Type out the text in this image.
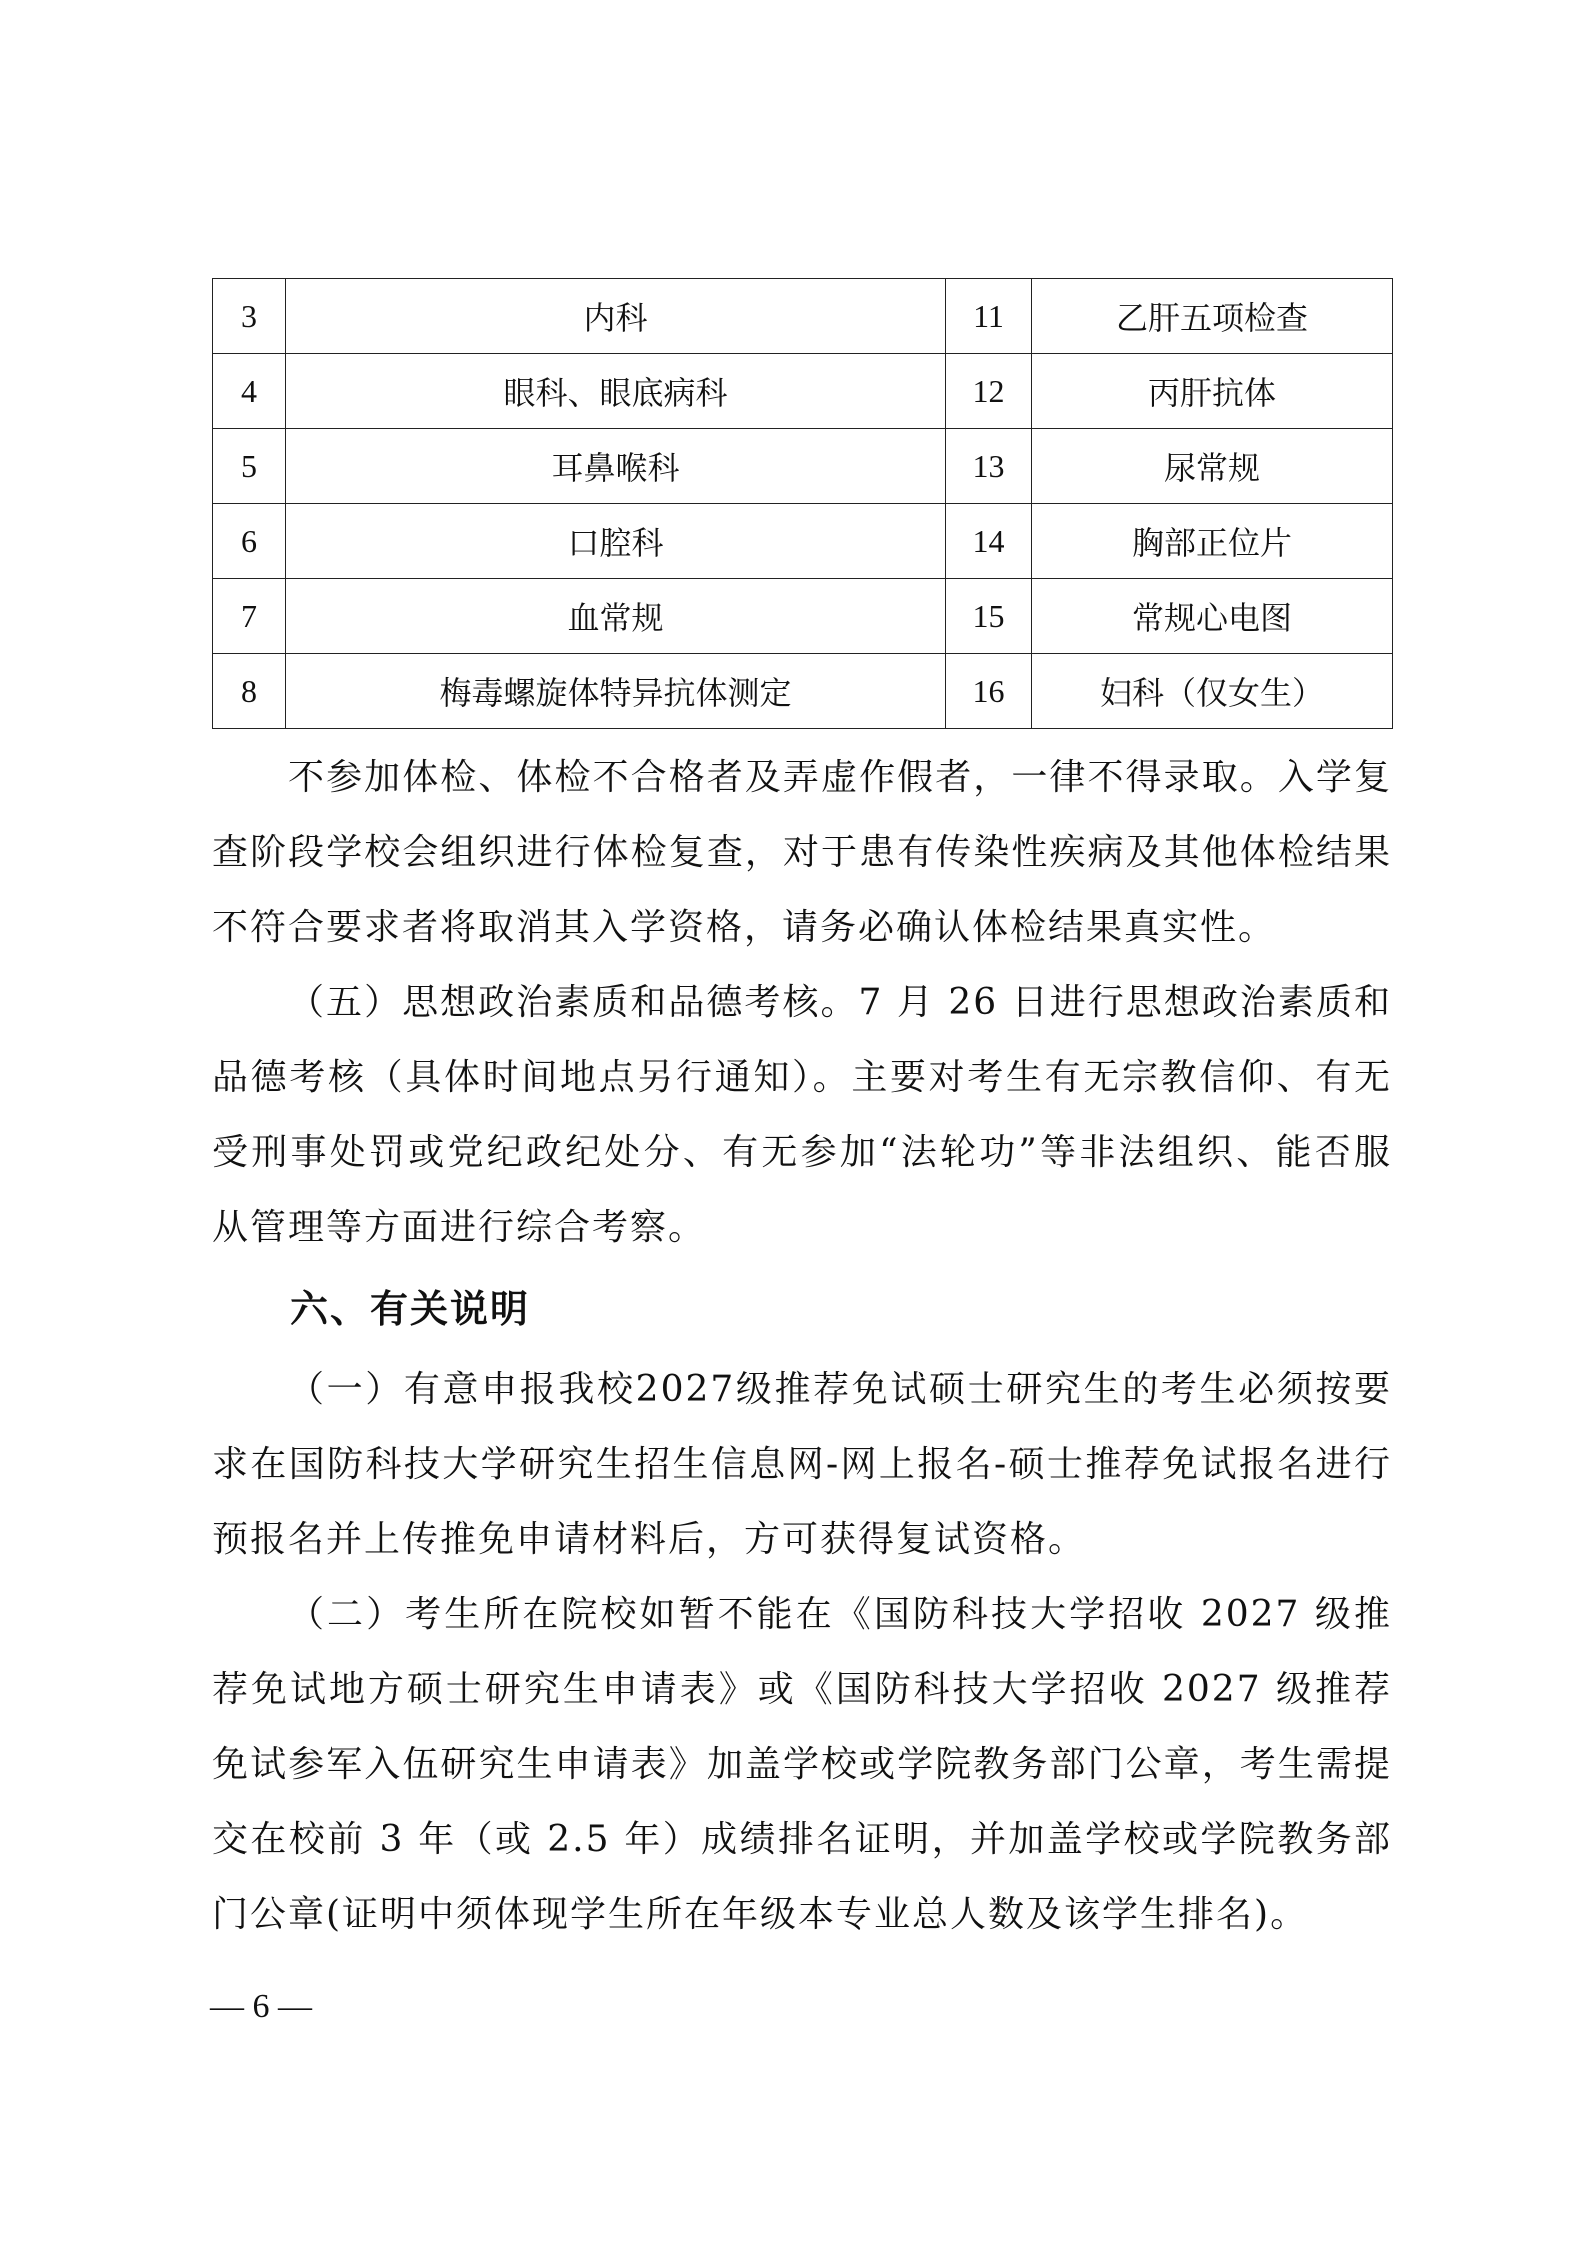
3	内科	11	乙肝五项检查
4	眼科、眼底病科	12	丙肝抗体
5	耳鼻喉科	13	尿常规
6	口腔科	14	胸部正位片
7	血常规	15	常规心电图
8	梅毒螺旋体特异抗体测定	16	妇科（仅女生）

不参加体检、体检不合格者及弄虚作假者，一律不得录取。入学复查阶段学校会组织进行体检复查，对于患有传染性疾病及其他体检结果不符合要求者将取消其入学资格，请务必确认体检结果真实性。

（五）思想政治素质和品德考核。7 月 26 日进行思想政治素质和品德考核（具体时间地点另行通知）。主要对考生有无宗教信仰、有无受刑事处罚或党纪政纪处分、有无参加“法轮功”等非法组织、能否服从管理等方面进行综合考察。

六、有关说明

（一）有意申报我校2027级推荐免试硕士研究生的考生必须按要求在国防科技大学研究生招生信息网-网上报名-硕士推荐免试报名进行预报名并上传推免申请材料后，方可获得复试资格。

（二）考生所在院校如暂不能在《国防科技大学招收 2027 级推荐免试地方硕士研究生申请表》或《国防科技大学招收 2027 级推荐免试参军入伍研究生申请表》加盖学校或学院教务部门公章，考生需提交在校前 3 年（或 2.5 年）成绩排名证明，并加盖学校或学院教务部门公章(证明中须体现学生所在年级本专业总人数及该学生排名)。

— 6 —
